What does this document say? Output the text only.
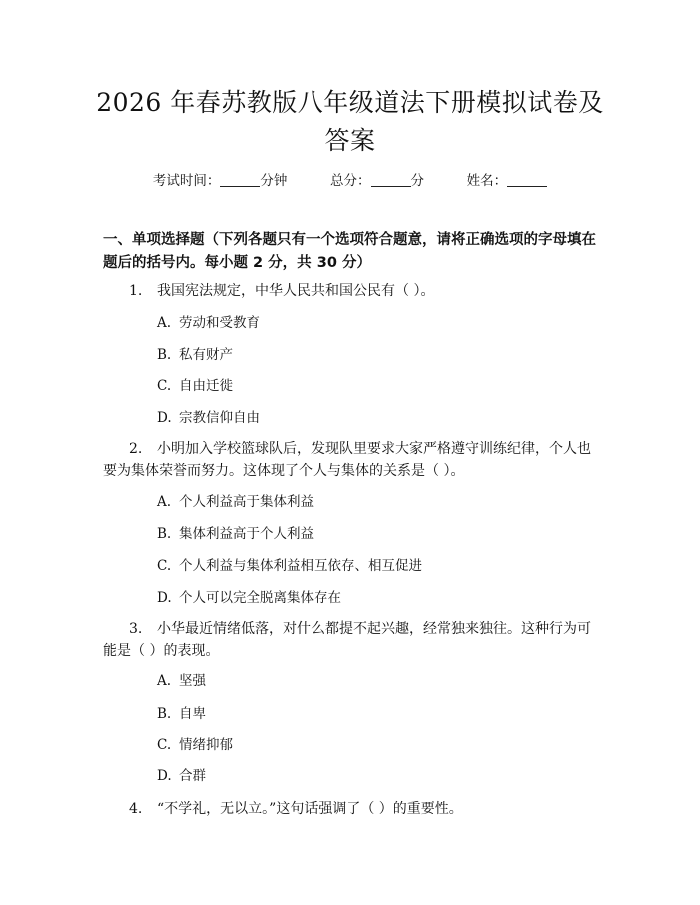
2026 年春苏教版八年级道法下册模拟试卷及
答案
考试时间：	分钟	总分：	分	姓名：
一、单项选择题（下列各题只有一个选项符合题意，请将正确选项的字母填在题后的括号内。每小题 2 分，共 30 分）
1. 我国宪法规定，中华人民共和国公民有（ ）。
A. 劳动和受教育
B. 私有财产
C. 自由迁徙
D. 宗教信仰自由
2. 小明加入学校篮球队后，发现队里要求大家严格遵守训练纪律，个人也要为集体荣誉而努力。这体现了个人与集体的关系是（ ）。
A. 个人利益高于集体利益
B. 集体利益高于个人利益
C. 个人利益与集体利益相互依存、相互促进
D. 个人可以完全脱离集体存在
3. 小华最近情绪低落，对什么都提不起兴趣，经常独来独往。这种行为可能是（ ）的表现。
A. 坚强
B. 自卑
C. 情绪抑郁
D. 合群
4. “不学礼，无以立。”这句话强调了（ ）的重要性。
